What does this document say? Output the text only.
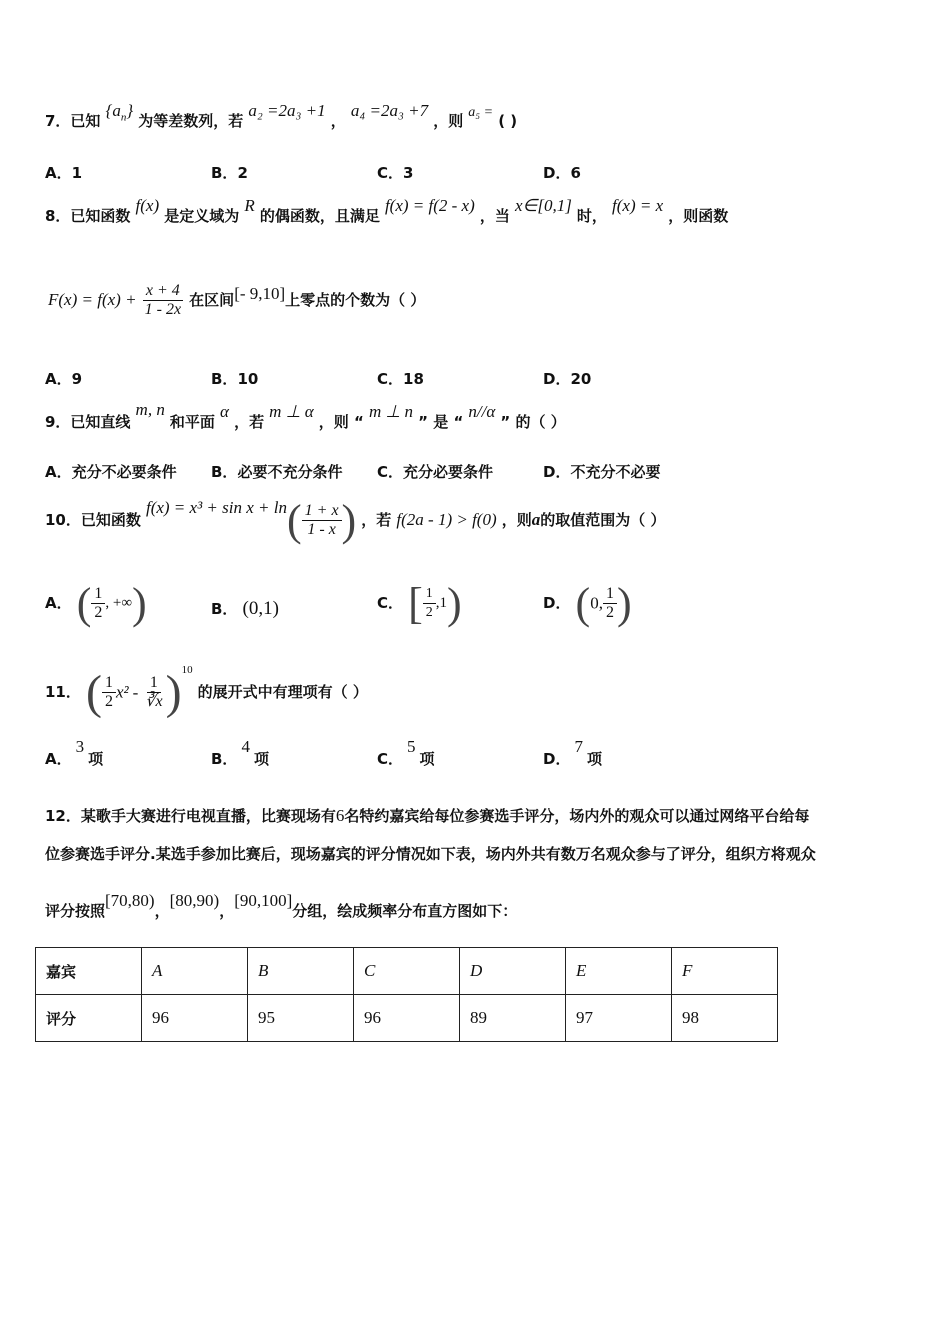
7．已知 $\{a_n\}$ 为等差数列，若 a₂ =2a₃ +1 ， a₄ =2a₃ +7 ，则 a₅ = ( )
A．1	B．2	C．3	D．6
8．已知函数 f(x) 是定义域为 R 的偶函数，且满足 f(x) = f(2 - x) ，当 x∈[0,1] 时， f(x) = x ，则函数
$F(x) = f(x) + \frac{x + 4}{1 - 2x}$ 在区间[- 9,10]上零点的个数为（ ）
A．9	B．10	C．18	D．20
9．已知直线 m, n 和平面 α ，若 m ⊥ α ，则 “ m ⊥ n ” 是 “ n//α ” 的（ ）
A．充分不必要条件 B．必要不充分条件 C．充分必要条件	D．不充分不必要
10．已知函数 $f(x) = x^3 + \sin x + \ln( \frac{1 + x}{1 - x}$ ) ，若 f(2a - 1) > f(0) ，则a的取值范围为（ ）
A． ( $\frac{1}{2}$ , +∞)	B． (0,1)	C． [ $\frac{1}{2} ,1$)	D． (0, $\frac{1}{2}$ )
11． ( $\frac{1}{2} x^2 - \frac{1}{∛x} )^{10}$ 的展开式中有理项有（ ）
A．3项	B．4项	C．5项	D．7项
12．某歌手大赛进行电视直播，比赛现场有6名特约嘉宾给每位参赛选手评分，场内外的观众可以通过网络平台给每
位参赛选手评分.某选手参加比赛后，现场嘉宾的评分情况如下表，场内外共有数万名观众参与了评分，组织方将观众
评分按照[70,80)，[80,90)，[90,100]分组，绘成频率分布直方图如下：
嘉宾	A	B	C	D	E	F
评分	96	95	96	89	97	98
